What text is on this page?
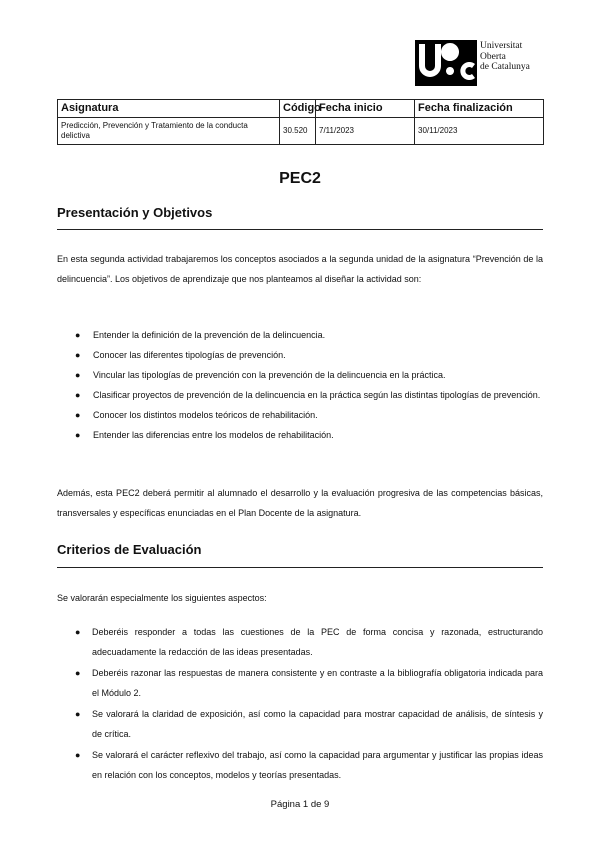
Universitat
Oberta
de Catalunya
Asignatura	Código	Fecha inicio	Fecha finalización
Predicción, Prevención y Tratamiento de la conducta delictiva	30.520	7/11/2023	30/11/2023
PEC2
Presentación y Objetivos

En esta segunda actividad trabajaremos los conceptos asociados a la segunda unidad de la asignatura “Prevención de la delincuencia”. Los objetivos de aprendizaje que nos planteamos al diseñar la actividad son:

● Entender la definición de la prevención de la delincuencia.
● Conocer las diferentes tipologías de prevención.
● Vincular las tipologías de prevención con la prevención de la delincuencia en la práctica.
● Clasificar proyectos de prevención de la delincuencia en la práctica según las distintas tipologías de prevención.
● Conocer los distintos modelos teóricos de rehabilitación.
● Entender las diferencias entre los modelos de rehabilitación.

Además, esta PEC2 deberá permitir al alumnado el desarrollo y la evaluación progresiva de las competencias básicas, transversales y específicas enunciadas en el Plan Docente de la asignatura.

Criterios de Evaluación

Se valorarán especialmente los siguientes aspectos:

● Deberéis responder a todas las cuestiones de la PEC de forma concisa y razonada, estructurando adecuadamente la redacción de las ideas presentadas.
● Deberéis razonar las respuestas de manera consistente y en contraste a la bibliografía obligatoria indicada para el Módulo 2.
● Se valorará la claridad de exposición, así como la capacidad para mostrar capacidad de análisis, de síntesis y de crítica.
● Se valorará el carácter reflexivo del trabajo, así como la capacidad para argumentar y justificar las propias ideas en relación con los conceptos, modelos y teorías presentadas.
Página 1 de 9
